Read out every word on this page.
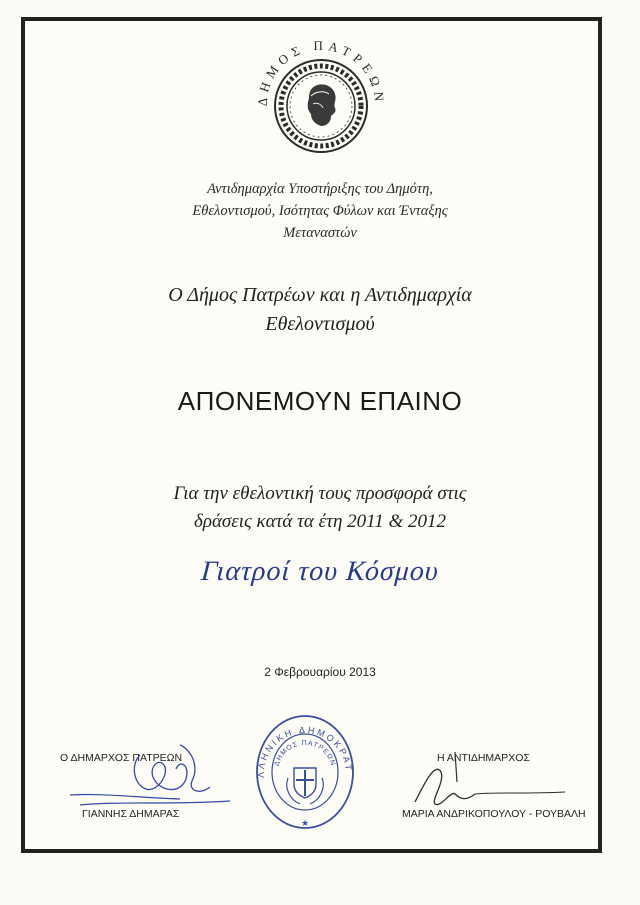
ΔΗΜΟΣ ΠΑΤΡΕΩΝ
Αντιδημαρχία Υποστήριξης του Δημότη,
Εθελοντισμού, Ισότητας Φύλων και Ένταξης
Μεταναστών
Ο Δήμος Πατρέων και η Αντιδημαρχία
Εθελοντισμού
ΑΠΟΝΕΜΟΥΝ ΕΠΑΙΝΟ
Για την εθελοντική τους προσφορά στις
δράσεις κατά τα έτη 2011 & 2012
Γιατροί του Κόσμου
2 Φεβρουαρίου 2013
ΛΛΗΝΙΚΗ ΔΗΜΟΚΡΑΤ
ΔΗΜΟΣ ΠΑΤΡΕΩΝ
★
Ο ΔΗΜΑΡΧΟΣ ΠΑΤΡΕΩΝ
ΓΙΑΝΝΗΣ ΔΗΜΑΡΑΣ
Η ΑΝΤΙΔΗΜΑΡΧΟΣ
ΜΑΡΙΑ ΑΝΔΡΙΚΟΠΟΥΛΟΥ - ΡΟΥΒΑΛΗ
